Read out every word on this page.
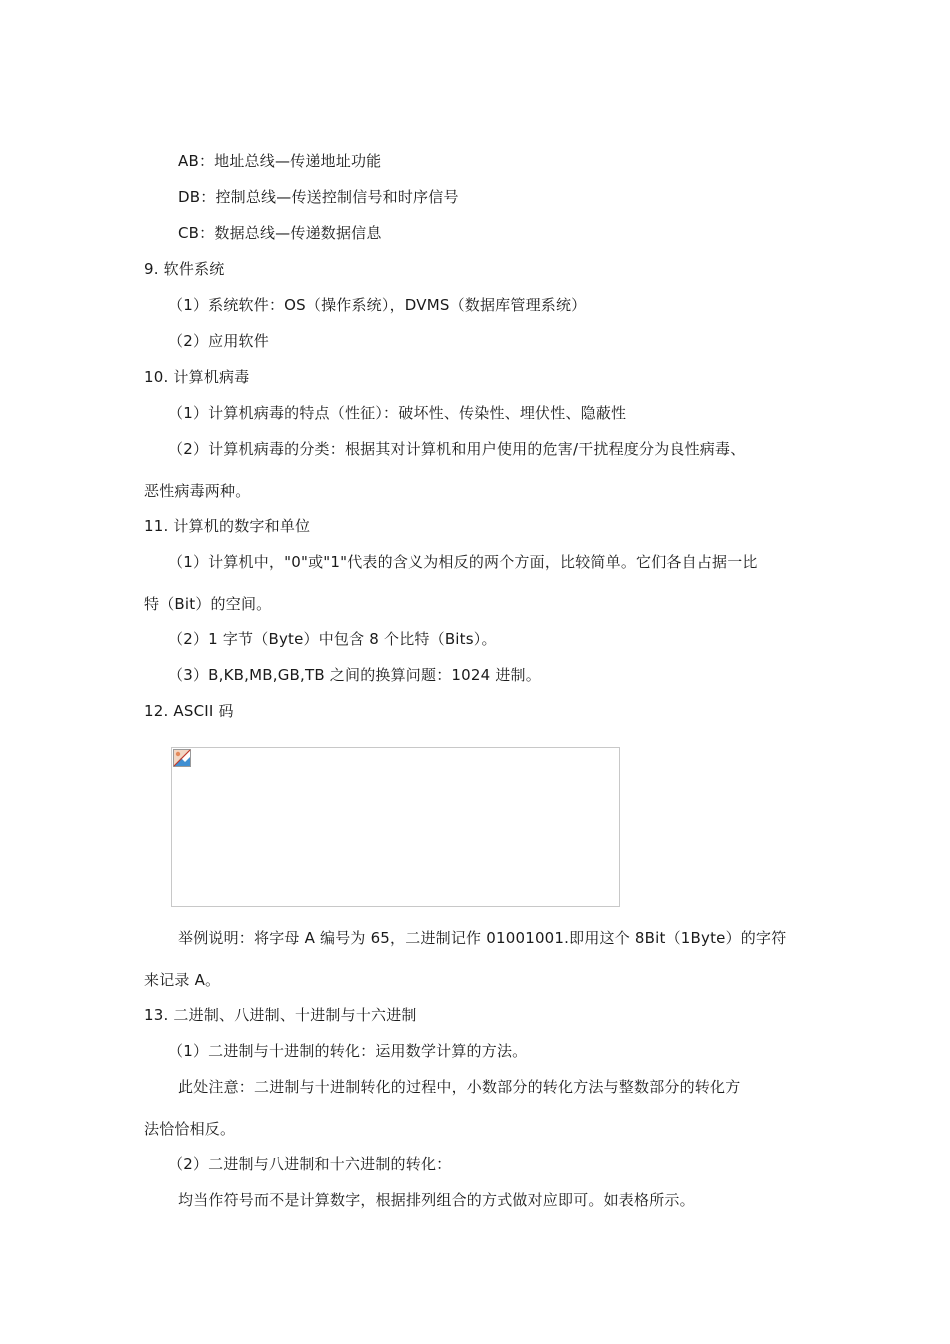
AB：地址总线—传递地址功能
DB：控制总线—传送控制信号和时序信号
CB：数据总线—传递数据信息
9. 软件系统
（1）系统软件：OS（操作系统），DVMS（数据库管理系统）
（2）应用软件
10. 计算机病毒
（1）计算机病毒的特点（性征）：破坏性、传染性、埋伏性、隐蔽性
（2）计算机病毒的分类：根据其对计算机和用户使用的危害/干扰程度分为良性病毒、
恶性病毒两种。
11. 计算机的数字和单位
（1）计算机中，"0"或"1"代表的含义为相反的两个方面，比较简单。它们各自占据一比
特（Bit）的空间。
（2）1 字节（Byte）中包含 8 个比特（Bits）。
（3）B,KB,MB,GB,TB 之间的换算问题：1024 进制。
12. ASCII 码
举例说明：将字母 A 编号为 65，二进制记作 01001001.即用这个 8Bit（1Byte）的字符
来记录 A。
13. 二进制、八进制、十进制与十六进制
（1）二进制与十进制的转化：运用数学计算的方法。
此处注意：二进制与十进制转化的过程中，小数部分的转化方法与整数部分的转化方
法恰恰相反。
（2）二进制与八进制和十六进制的转化：
均当作符号而不是计算数字，根据排列组合的方式做对应即可。如表格所示。
